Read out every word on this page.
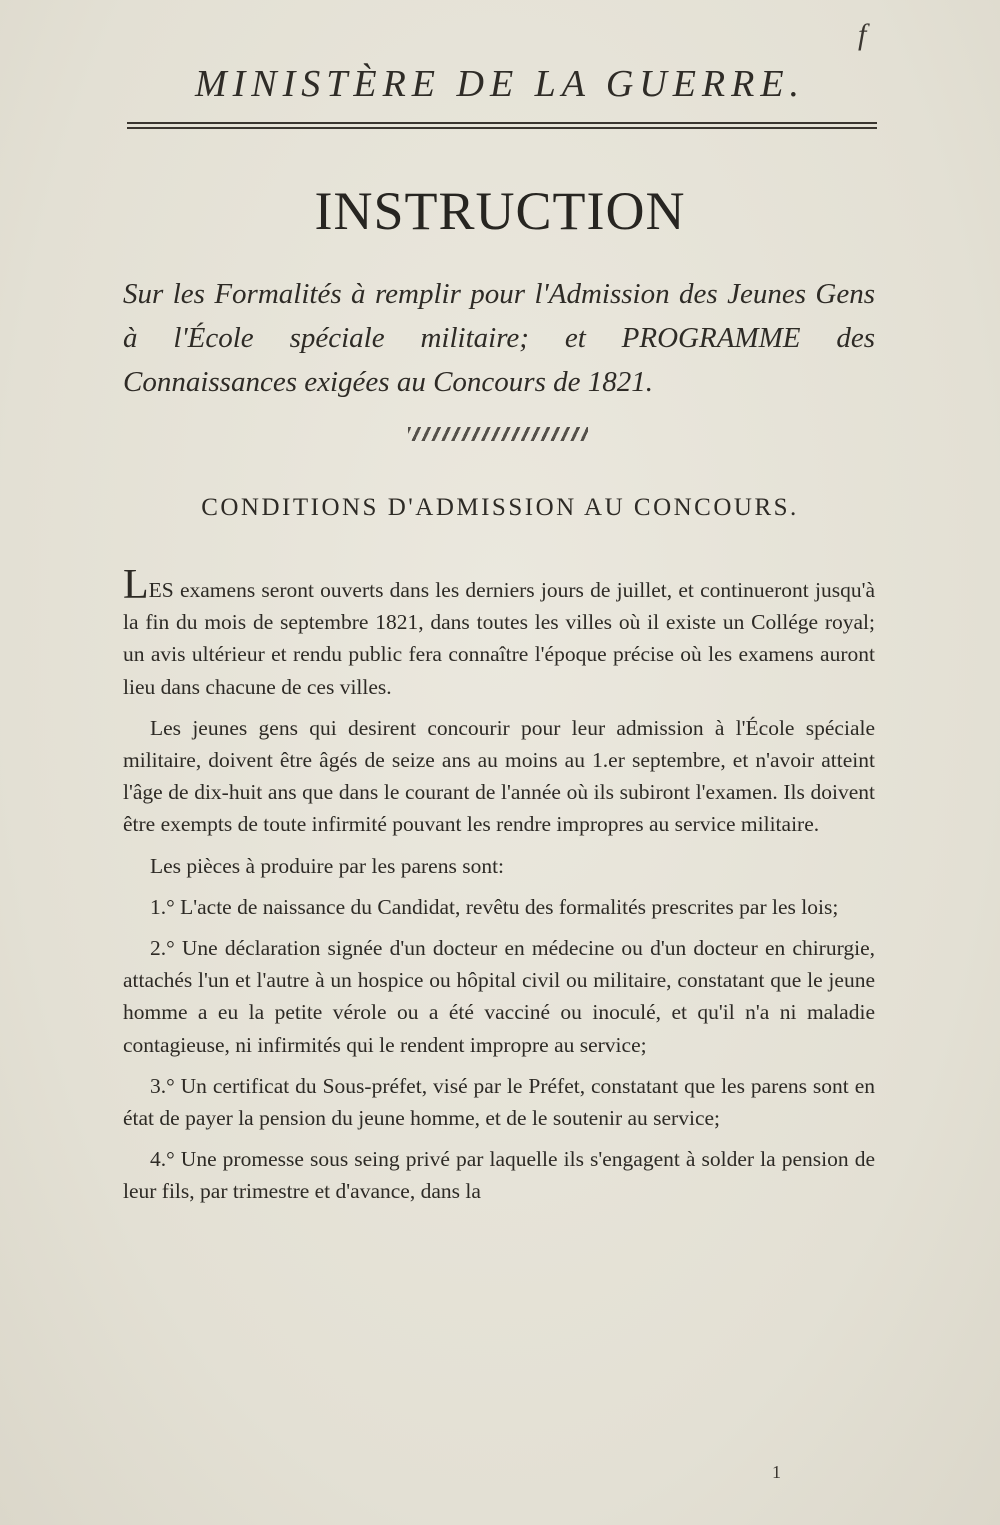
f
MINISTÈRE DE LA GUERRE.
INSTRUCTION
Sur les Formalités à remplir pour l'Admission des Jeunes Gens
à l'École spéciale militaire; et PROGRAMME des
Connaissances exigées au Concours de 1821.
CONDITIONS D'ADMISSION AU CONCOURS.

LES examens seront ouverts dans les derniers jours de juillet, et continueront jusqu'à la fin du mois de septembre 1821, dans toutes les villes où il existe un Collége royal; un avis ultérieur et rendu public fera connaître l'époque précise où les examens auront lieu dans chacune de ces villes.

Les jeunes gens qui desirent concourir pour leur admission à l'École spéciale militaire, doivent être âgés de seize ans au moins au 1.er septembre, et n'avoir atteint l'âge de dix-huit ans que dans le courant de l'année où ils subiront l'examen. Ils doivent être exempts de toute infirmité pouvant les rendre impropres au service militaire.

Les pièces à produire par les parens sont:

1.° L'acte de naissance du Candidat, revêtu des formalités prescrites par les lois;

2.° Une déclaration signée d'un docteur en médecine ou d'un docteur en chirurgie, attachés l'un et l'autre à un hospice ou hôpital civil ou militaire, constatant que le jeune homme a eu la petite vérole ou a été vacciné ou inoculé, et qu'il n'a ni maladie contagieuse, ni infirmités qui le rendent impropre au service;

3.° Un certificat du Sous-préfet, visé par le Préfet, constatant que les parens sont en état de payer la pension du jeune homme, et de le soutenir au service;

4.° Une promesse sous seing privé par laquelle ils s'engagent à solder la pension de leur fils, par trimestre et d'avance, dans la

1
